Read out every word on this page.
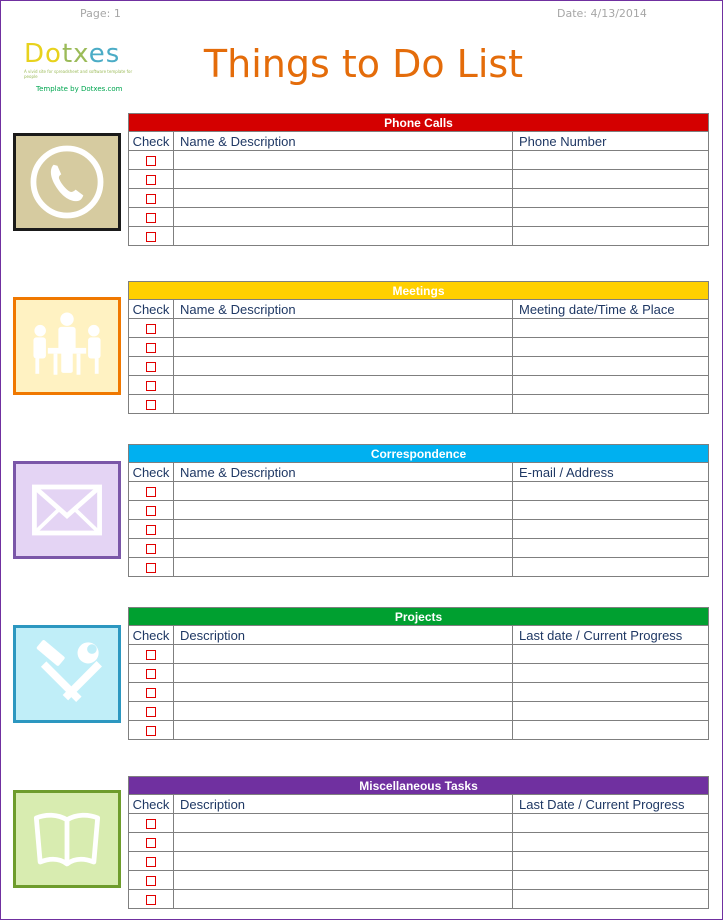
Page: 1	Date: 4/13/2014
Dotxes
A vivid site for spreadsheet and software template for people
Template by Dotxes.com
Things to Do List
Phone Calls		
Check	Name & Description	Phone Number

Meetings		
Check	Name & Description	Meeting date/Time & Place

Correspondence		
Check	Name & Description	E-mail / Address

Projects		
Check	Description	Last date / Current Progress

Miscellaneous Tasks		
Check	Description	Last Date / Current Progress
